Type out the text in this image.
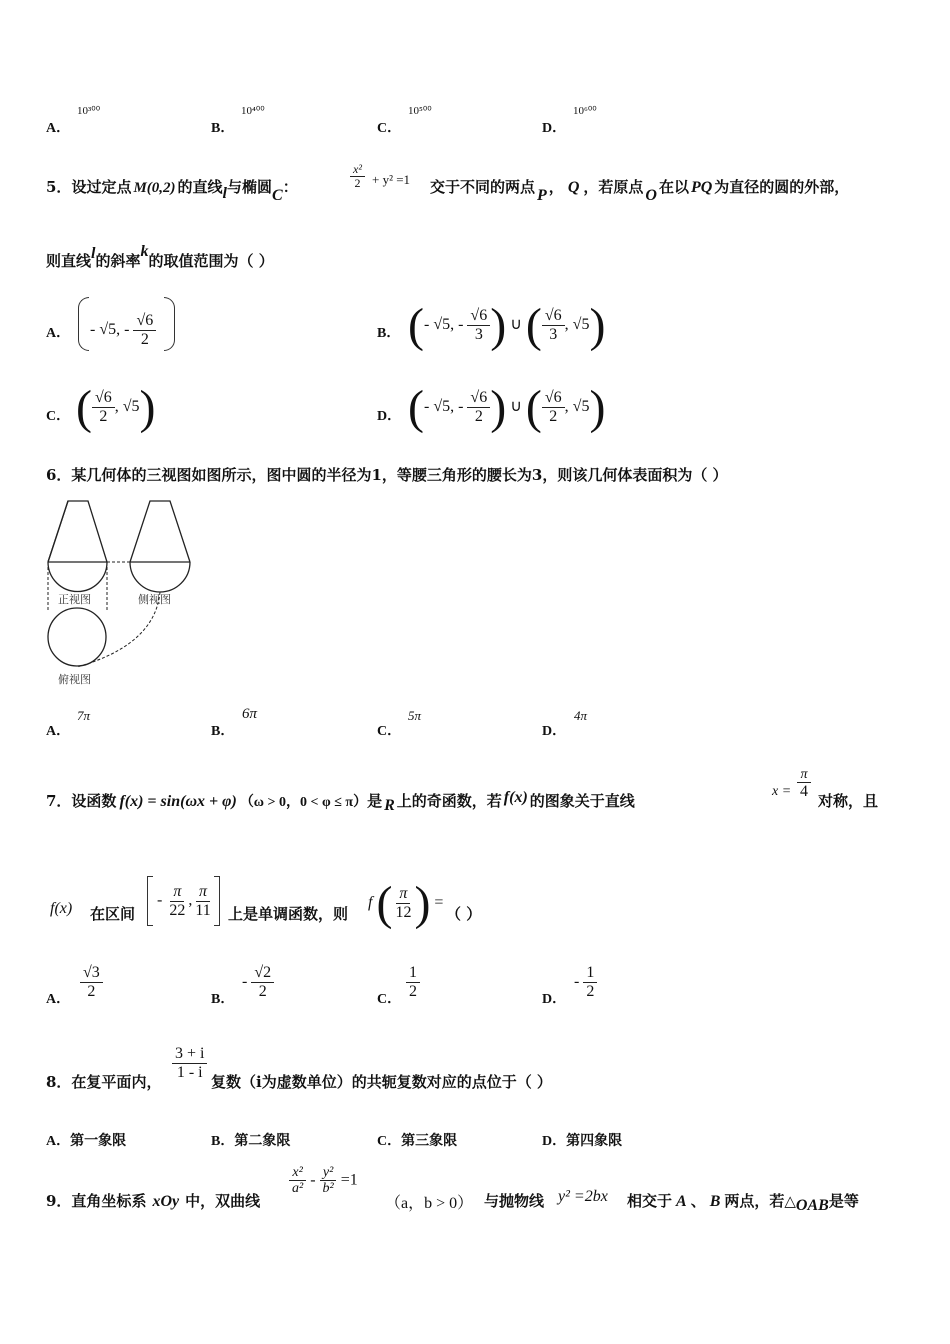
A．
10³⁰⁰
B．
10⁴⁰⁰
C．
10⁵⁰⁰
D．
10⁶⁰⁰
5．设过定点 M(0,2) 的直线l与椭圆C：	$\frac{\text{x²}}{2} + y^2 =1$ 交于不同的两点 P ， Q ，若原点 O 在以 PQ 为直径的圆的外部，
则直线l的斜率k的取值范围为（ ）
A． - √5, - $\frac{√6}{2}$	B． (- √5, - $\frac{√6}{3}$ ) ∪ ( $\frac{√6}{3}$ , √5)
C． ( $\frac{√6}{2}$ , √5)	D． (- √5, - $\frac{√6}{2}$ ) ∪ ( $\frac{√6}{2}$ , √5)
6．某几何体的三视图如图所示，图中圆的半径为1，等腰三角形的腰长为3，则该几何体表面积为（ ）
正视图	侧视图
俯视图
A．
7π
B．
6π
C．
5π
D．
4π
7．设函数 f(x) = sin(ωx + φ) （ω > 0，0 < φ ≤ π）是 R 上的奇函数，若 f(x) 的图象关于直线
$x = \frac{\pi}{4}$
对称，且
f(x) 在区间
- $\frac{\pi}{22}$ , $\frac{\pi}{11}$ 上是单调函数，则
f ( $\frac{\pi}{12}$ ) =
（ ）
A． $\frac{√3}{2}$	B．
- $\frac{√2}{2}$	C． $\frac{1}{2}$	D．
- $\frac{1}{2}$
8．在复平面内，
$\frac{3 + i}{1 - i}$
复数（i为虚数单位）的共轭复数对应的点位于（ ）
A．第一象限	B．第二象限	C．第三象限	D．第四象限
9．直角坐标系 xOy 中，双曲线
$\frac{\text{x²}}{\text{a²}} - \frac{\text{y²}}{\text{b²}} =1$
（a，b > 0） 与抛物线 y² =2bx 相交于 A 、 B 两点，若△OAB是等
